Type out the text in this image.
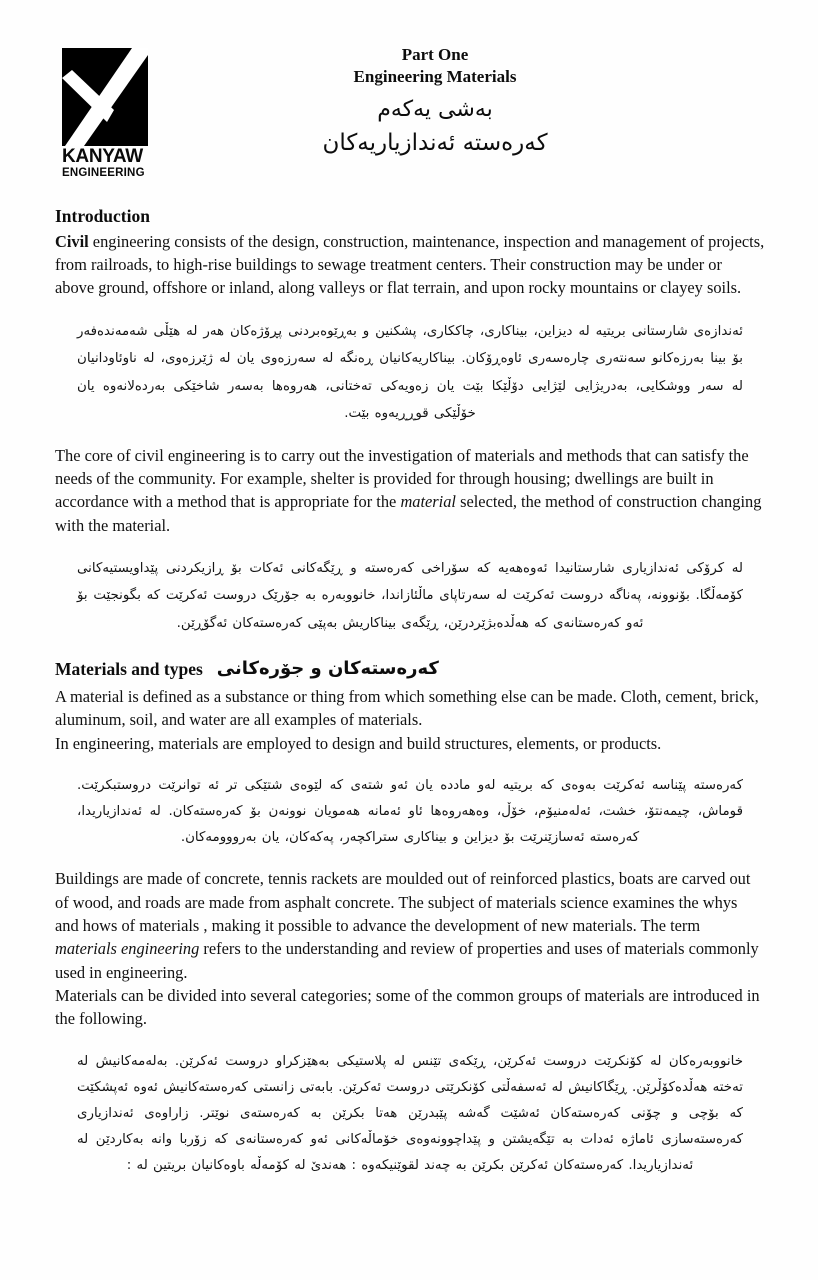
KANYAW
ENGINEERING
Part One
Engineering Materials
بەشی یەکەم
کەرەستە ئەندازیاریەکان
Introduction

Civil engineering consists of the design, construction, maintenance, inspection and management of projects, from railroads, to high-rise buildings to sewage treatment centers. Their construction may be under or above ground, offshore or inland, along valleys or flat terrain, and upon rocky mountains or clayey soils.

ئەندازەی شارستانی بریتیە لە دیزاین، بیناکاری، چاککاری، پشکنین و بەڕێوەبردنی پڕۆژەکان هەر لە هێڵی شەمەندەفەر بۆ بینا بەرزەکانو سەنتەری چارەسەری ئاوەڕۆکان. بیناکاریەکانیان ڕەنگە لە سەرزەوی یان لە ژێرزەوی، لە ناوئاودانیان لە سەر ووشکایی، بەدریژایی لێژایی دۆڵێکا بێت یان زەویەکی تەختانی، هەروەها بەسەر شاخێکی بەردەلانەوە یان خۆڵێکی قوڕڕیەوە بێت.

The core of civil engineering is to carry out the investigation of materials and methods that can satisfy the needs of the community. For example, shelter is provided for through housing; dwellings are built in accordance with a method that is appropriate for the material selected, the method of construction changing with the material.

لە کرۆکی ئەندازیاری شارستانیدا ئەوەهەیە کە سۆراخی کەرەستە و ڕێگەکانی ئەکات بۆ ڕازیکردنی پێداویستیەکانی کۆمەڵگا. بۆنوونە، پەناگە دروست ئەکرێت لە سەرتاپای ماڵئازاندا، خانووبەرە بە جۆرێک دروست ئەکرێت کە بگونجێت بۆ ئەو کەرەستانەی کە هەڵدەبژێردرێن، ڕێگەی بیناکاریش بەپێی کەرەستەکان ئەگۆڕێن.
Materials and types کەرەستەکان و جۆرەکانی

A material is defined as a substance or thing from which something else can be made. Cloth, cement, brick, aluminum, soil, and water are all examples of materials.

In engineering, materials are employed to design and build structures, elements, or products.

کەرەستە پێناسە ئەکرێت بەوەی کە بریتیە لەو ماددە یان ئەو شتەی کە لێوەی شتێکی تر ئە توانرێت دروستبکرێت. قوماش، چیمەنتۆ، خشت، ئەلەمنیۆم، خۆڵ، وەهەروەها ئاو ئەمانە هەمویان نوونەن بۆ کەرەستەکان. لە ئەندازیاریدا، کەرەستە ئەسازێنرێت بۆ دیزاین و بیناکاری ستراکچەر، پەکەکان، یان بەرووومەکان.

Buildings are made of concrete, tennis rackets are moulded out of reinforced plastics, boats are carved out of wood, and roads are made from asphalt concrete. The subject of materials science examines the whys and hows of materials , making it possible to advance the development of new materials. The term materials engineering refers to the understanding and review of properties and uses of materials commonly used in engineering.

Materials can be divided into several categories; some of the common groups of materials are introduced in the following.

خانووبەرەکان لە کۆنکرێت دروست ئەکرێن، ڕێکەی تێنس لە پلاستیکی بەهێزکراو دروست ئەکرێن. بەلەمەکانیش لە تەختە هەڵدەکۆڵرێن. ڕێگاکانیش لە ئەسفەڵتی کۆنکرێتی دروست ئەکرێن. بابەتی زانستی کەرەستەکانیش ئەوە ئەپشکێت کە بۆچی و چۆنی کەرەستەکان ئەشێت گەشە پێبدرێن هەتا بکرێن بە کەرەستەی نوێتر. زاراوەی ئەندازیاری کەرەستەسازی ئاماژە ئەدات بە تێگەیشتن و پێداچوونەوەی خۆماڵەکانی ئەو کەرەستانەی کە زۆربا وانە بەکاردێن لە ئەندازیاریدا. کەرەستەکان ئەکرێن بکرێن بە چەند لقوێنیکەوە : هەندێ لە کۆمەڵە باوەکانیان بریتین لە :
